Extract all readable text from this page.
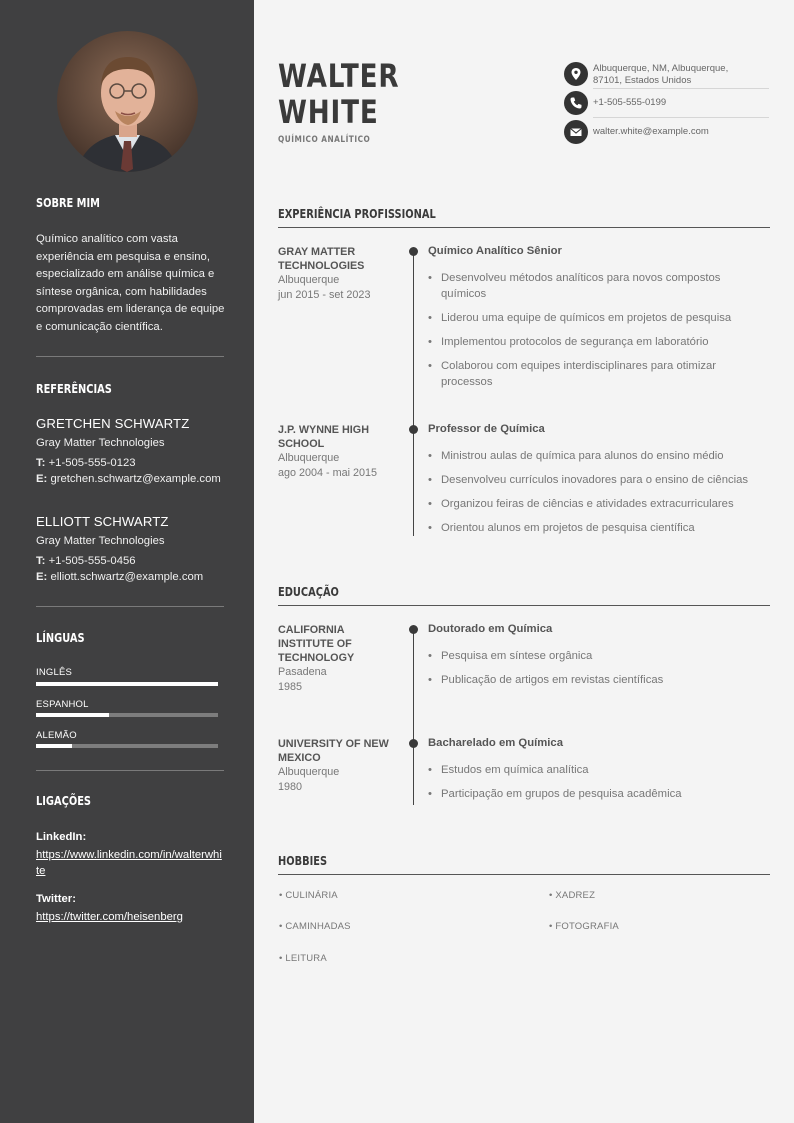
SOBRE MIM
Químico analítico com vasta experiência em pesquisa e ensino, especializado em análise química e síntese orgânica, com habilidades comprovadas em liderança de equipe e comunicação científica.
REFERÊNCIAS
GRETCHEN SCHWARTZ
Gray Matter Technologies
T: +1-505-555-0123
E: gretchen.schwartz@example.com
ELLIOTT SCHWARTZ
Gray Matter Technologies
T: +1-505-555-0456
E: elliott.schwartz@example.com
LÍNGUAS
INGLÊS
ESPANHOL
ALEMÃO
LIGAÇÕES
LinkedIn:
https://www.linkedin.com/in/walterwhite
Twitter:
https://twitter.com/heisenberg
WALTER
WHITE
QUÍMICO ANALÍTICO
Albuquerque, NM, Albuquerque,
87101, Estados Unidos
+1-505-555-0199
walter.white@example.com
EXPERIÊNCIA PROFISSIONAL
GRAY MATTER TECHNOLOGIES
Albuquerque
jun 2015 - set 2023
Químico Analítico Sênior
• Desenvolveu métodos analíticos para novos compostos químicos
• Liderou uma equipe de químicos em projetos de pesquisa
• Implementou protocolos de segurança em laboratório
• Colaborou com equipes interdisciplinares para otimizar processos
J.P. WYNNE HIGH SCHOOL
Albuquerque
ago 2004 - mai 2015
Professor de Química
• Ministrou aulas de química para alunos do ensino médio
• Desenvolveu currículos inovadores para o ensino de ciências
• Organizou feiras de ciências e atividades extracurriculares
• Orientou alunos em projetos de pesquisa científica
EDUCAÇÃO
CALIFORNIA INSTITUTE OF TECHNOLOGY
Pasadena
1985
Doutorado em Química
• Pesquisa em síntese orgânica
• Publicação de artigos em revistas científicas
UNIVERSITY OF NEW MEXICO
Albuquerque
1980
Bacharelado em Química
• Estudos em química analítica
• Participação em grupos de pesquisa acadêmica
HOBBIES
• CULINÁRIA	• XADREZ
• CAMINHADAS	• FOTOGRAFIA
• LEITURA
